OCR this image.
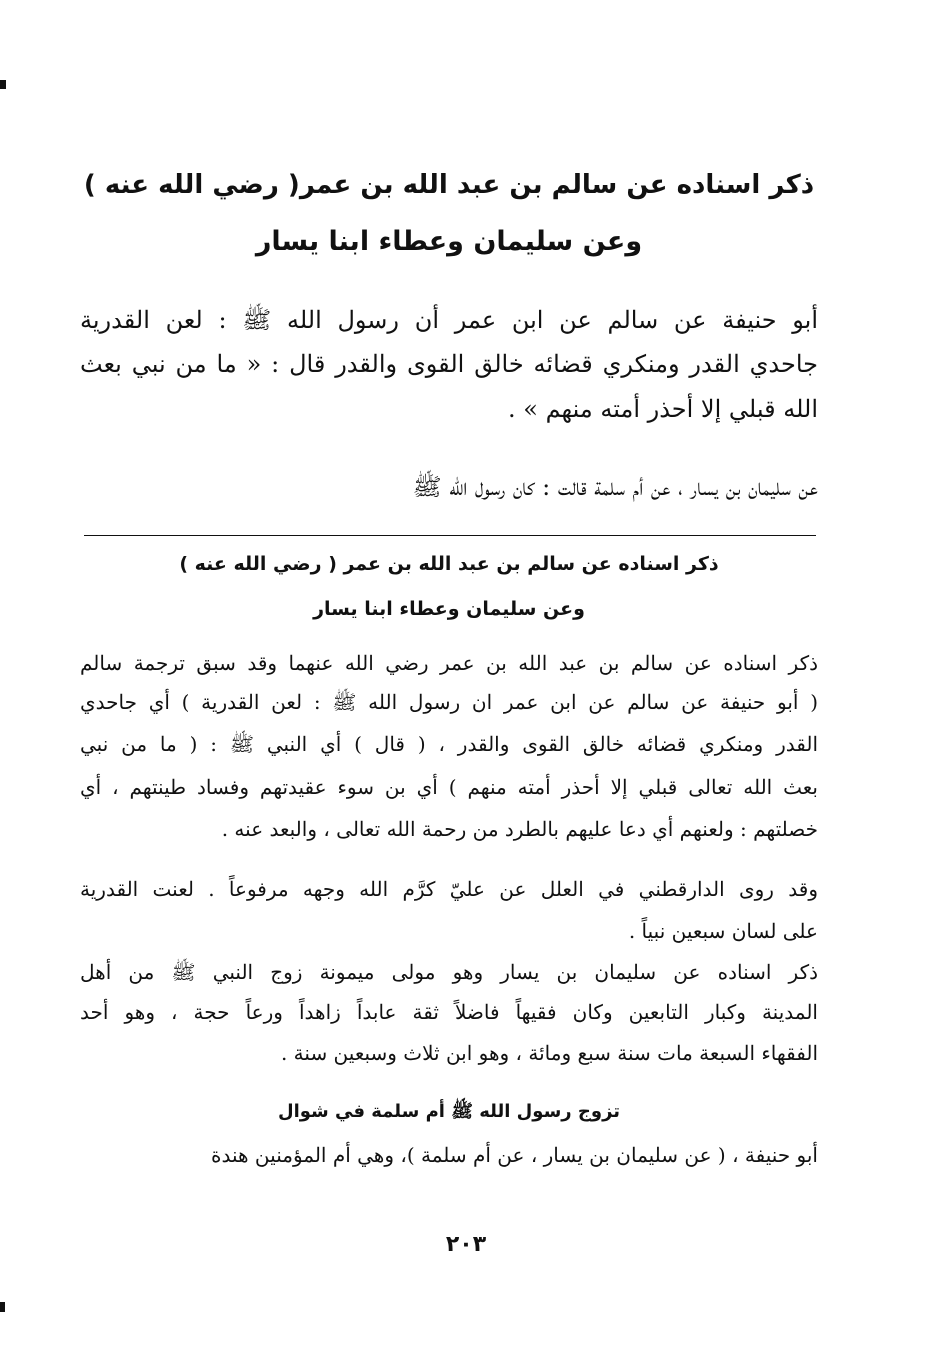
ذكر اسناده عن سالم بن عبد الله بن عمر( رضي الله عنه )
وعن سليمان وعطاء ابنا يسار
أبو حنيفة عن سالم عن ابن عمر أن رسول الله ﷺ : لعن القدرية
جاحدي القدر ومنكري قضائه خالق القوى والقدر قال : « ما من نبي بعث
الله قبلي إلا أحذر أمته منهم » .
عن سليمان بن يسار ، عن أم سلمة قالت : كان رسول الله ﷺ
ذكر اسناده عن سالم بن عبد الله بن عمر ( رضي الله عنه )
وعن سليمان وعطاء ابنا يسار
ذكر اسناده عن سالم بن عبد الله بن عمر رضي الله عنهما وقد سبق ترجمة سالم
( أبو حنيفة عن سالم عن ابن عمر ان رسول الله ﷺ : لعن القدرية ) أي جاحدي
القدر ومنكري قضائه خالق القوى والقدر ، ( قال ) أي النبي ﷺ : ( ما من نبي
بعث الله تعالى قبلي إلا أحذر أمته منهم ) أي بن سوء عقيدتهم وفساد طينتهم ، أي
خصلتهم : ولعنهم أي دعا عليهم بالطرد من رحمة الله تعالى ، والبعد عنه .
وقد روى الدارقطني في العلل عن عليّ كرَّم الله وجهه مرفوعاً . لعنت القدرية
على لسان سبعين نبياً .
ذكر اسناده عن سليمان بن يسار وهو مولى ميمونة زوج النبي ﷺ من أهل
المدينة وكبار التابعين وكان فقيهاً فاضلاً ثقة عابداً زاهداً ورعاً حجة ، وهو أحد
الفقهاء السبعة مات سنة سبع ومائة ، وهو ابن ثلاث وسبعين سنة .
تزوج رسول الله ﷺ أم سلمة في شوال
أبو حنيفة ، ( عن سليمان بن يسار ، عن أم سلمة )، وهي أم المؤمنين هندة
٢٠٣
